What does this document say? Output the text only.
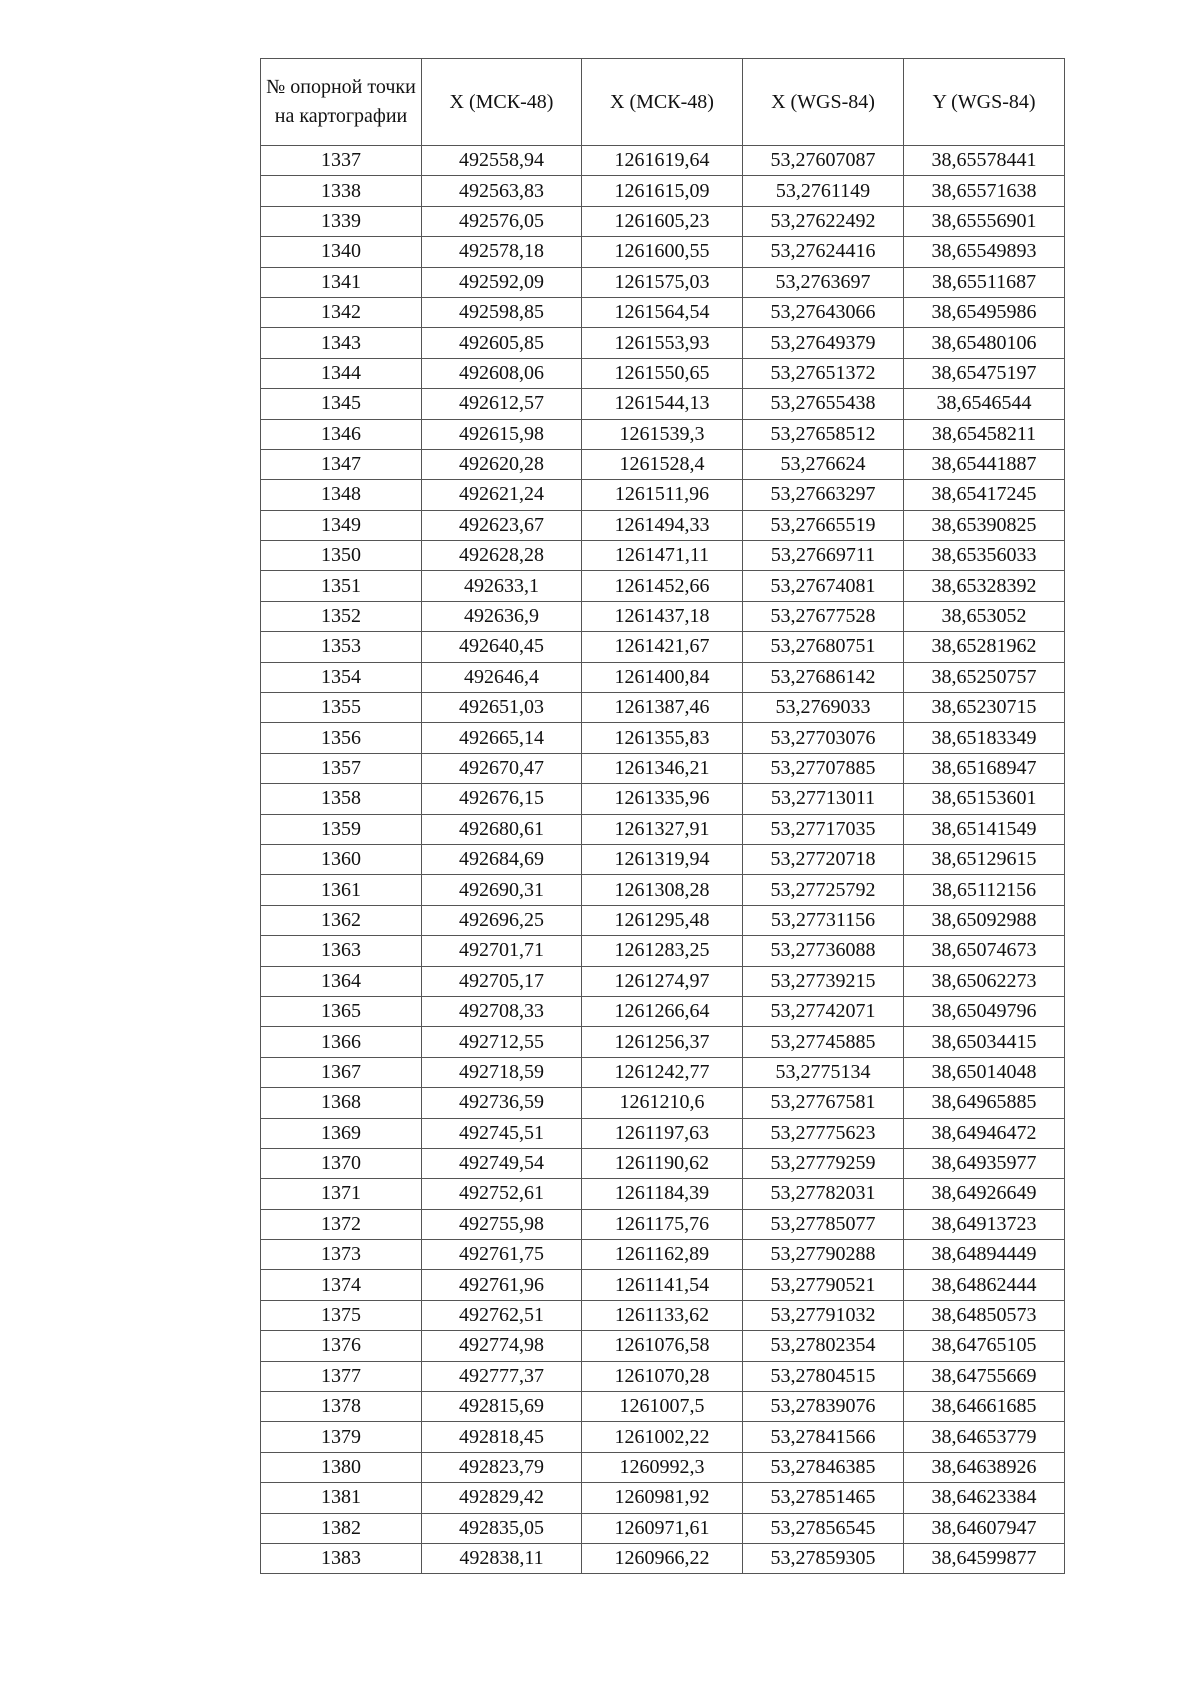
№ опорной точки на картографии	X (МСК-48)	X (МСК-48)	X (WGS-84)	Y (WGS-84)
1337	492558,94	1261619,64	53,27607087	38,65578441
1338	492563,83	1261615,09	53,2761149	38,65571638
1339	492576,05	1261605,23	53,27622492	38,65556901
1340	492578,18	1261600,55	53,27624416	38,65549893
1341	492592,09	1261575,03	53,2763697	38,65511687
1342	492598,85	1261564,54	53,27643066	38,65495986
1343	492605,85	1261553,93	53,27649379	38,65480106
1344	492608,06	1261550,65	53,27651372	38,65475197
1345	492612,57	1261544,13	53,27655438	38,6546544
1346	492615,98	1261539,3	53,27658512	38,65458211
1347	492620,28	1261528,4	53,276624	38,65441887
1348	492621,24	1261511,96	53,27663297	38,65417245
1349	492623,67	1261494,33	53,27665519	38,65390825
1350	492628,28	1261471,11	53,27669711	38,65356033
1351	492633,1	1261452,66	53,27674081	38,65328392
1352	492636,9	1261437,18	53,27677528	38,653052
1353	492640,45	1261421,67	53,27680751	38,65281962
1354	492646,4	1261400,84	53,27686142	38,65250757
1355	492651,03	1261387,46	53,2769033	38,65230715
1356	492665,14	1261355,83	53,27703076	38,65183349
1357	492670,47	1261346,21	53,27707885	38,65168947
1358	492676,15	1261335,96	53,27713011	38,65153601
1359	492680,61	1261327,91	53,27717035	38,65141549
1360	492684,69	1261319,94	53,27720718	38,65129615
1361	492690,31	1261308,28	53,27725792	38,65112156
1362	492696,25	1261295,48	53,27731156	38,65092988
1363	492701,71	1261283,25	53,27736088	38,65074673
1364	492705,17	1261274,97	53,27739215	38,65062273
1365	492708,33	1261266,64	53,27742071	38,65049796
1366	492712,55	1261256,37	53,27745885	38,65034415
1367	492718,59	1261242,77	53,2775134	38,65014048
1368	492736,59	1261210,6	53,27767581	38,64965885
1369	492745,51	1261197,63	53,27775623	38,64946472
1370	492749,54	1261190,62	53,27779259	38,64935977
1371	492752,61	1261184,39	53,27782031	38,64926649
1372	492755,98	1261175,76	53,27785077	38,64913723
1373	492761,75	1261162,89	53,27790288	38,64894449
1374	492761,96	1261141,54	53,27790521	38,64862444
1375	492762,51	1261133,62	53,27791032	38,64850573
1376	492774,98	1261076,58	53,27802354	38,64765105
1377	492777,37	1261070,28	53,27804515	38,64755669
1378	492815,69	1261007,5	53,27839076	38,64661685
1379	492818,45	1261002,22	53,27841566	38,64653779
1380	492823,79	1260992,3	53,27846385	38,64638926
1381	492829,42	1260981,92	53,27851465	38,64623384
1382	492835,05	1260971,61	53,27856545	38,64607947
1383	492838,11	1260966,22	53,27859305	38,64599877
